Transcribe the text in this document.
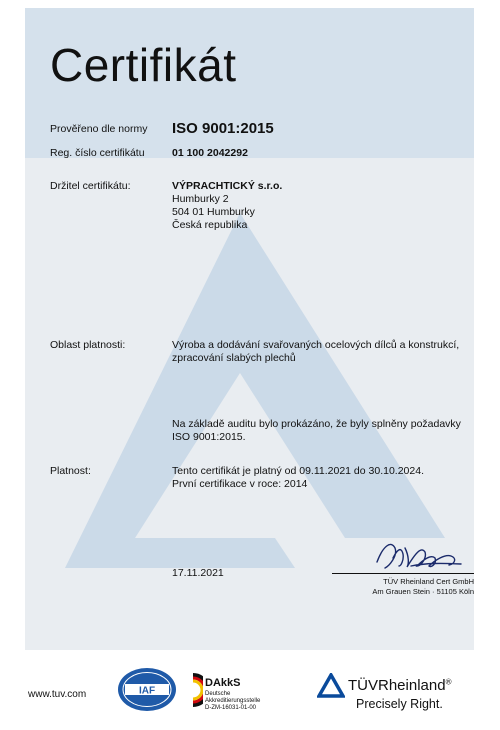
Certifikát
Prověřeno dle normy ISO 9001:2015
Reg. číslo certifikátu	01 100 2042292
Držitel certifikátu:	VÝPRACHTICKÝ s.r.o.
Humburky 2
504 01 Humburky
Česká republika
Oblast platnosti:	Výroba a dodávání svařovaných ocelových dílců a konstrukcí,
zpracování slabých plechů
Na základě auditu bylo prokázáno, že byly splněny požadavky
ISO 9001:2015.
Platnost:	Tento certifikát je platný od 09.11.2021 do 30.10.2024.
První certifikace v roce: 2014
17.11.2021
TÜV Rheinland Cert GmbH
Am Grauen Stein · 51105 Köln
www.tuv.com	IAF
DAkkS
Deutsche
Akkreditierungsstelle
D-ZM-16031-01-00
TÜVRheinland®
Precisely Right.
